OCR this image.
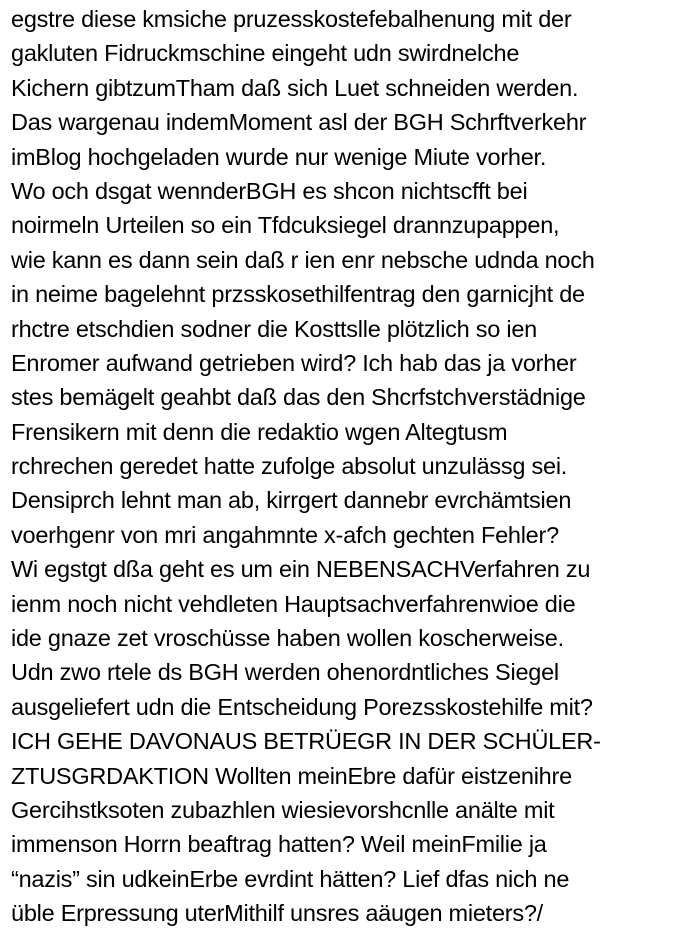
egstre diese kmsiche pruzesskostefebalhenung mit der
gakluten Fidruckmschine eingeht udn swirdnelche
Kichern gibtzumTham daß sich Luet schneiden werden.
Das wargenau indemMoment asl der BGH Schrftverkehr
imBlog hochgeladen wurde nur wenige Miute vorher.
Wo och dsgat wennderBGH es shcon nichtscfft bei
noirmeln Urteilen so ein Tfdcuksiegel drannzupappen,
wie kann es dann sein daß r ien enr nebsche udnda noch
in neime bagelehnt przsskosethilfentrag den garnicjht de
rhctre etschdien sodner die Kosttslle plötzlich so ien
Enromer aufwand getrieben wird? Ich hab das ja vorher
stes bemägelt geahbt daß das den Shcrfstchverstädnige
Frensikern mit denn die redaktio wgen Altegtusm
rchrechen geredet hatte zufolge absolut unzulässg sei.
Densiprch lehnt man ab, kirrgert dannebr evrchämtsien
voerhgenr von mri angahmnte x-afch gechten Fehler?
Wi egstgt dßa geht es um ein NEBENSACHVerfahren zu
ienm noch nicht vehdleten Hauptsachverfahrenwioe die
ide gnaze zet vroschüsse haben wollen koscherweise.
Udn zwo rtele ds BGH werden ohenordntliches Siegel
ausgeliefert udn die Entscheidung Porezsskostehilfe mit?
ICH GEHE DAVONAUS BETRÜEGR IN DER SCHÜLER-
ZTUSGRDAKTION Wollten meinEbre dafür eistzenihre
Gercihstksoten zubazhlen wiesievorshcnlle anälte mit
immenson Horrn beaftrag hatten? Weil meinFmilie ja
“nazis” sin udkeinErbe evrdint hätten? Lief dfas nich ne
üble Erpressung uterMithilf unsres aäugen mieters?/
